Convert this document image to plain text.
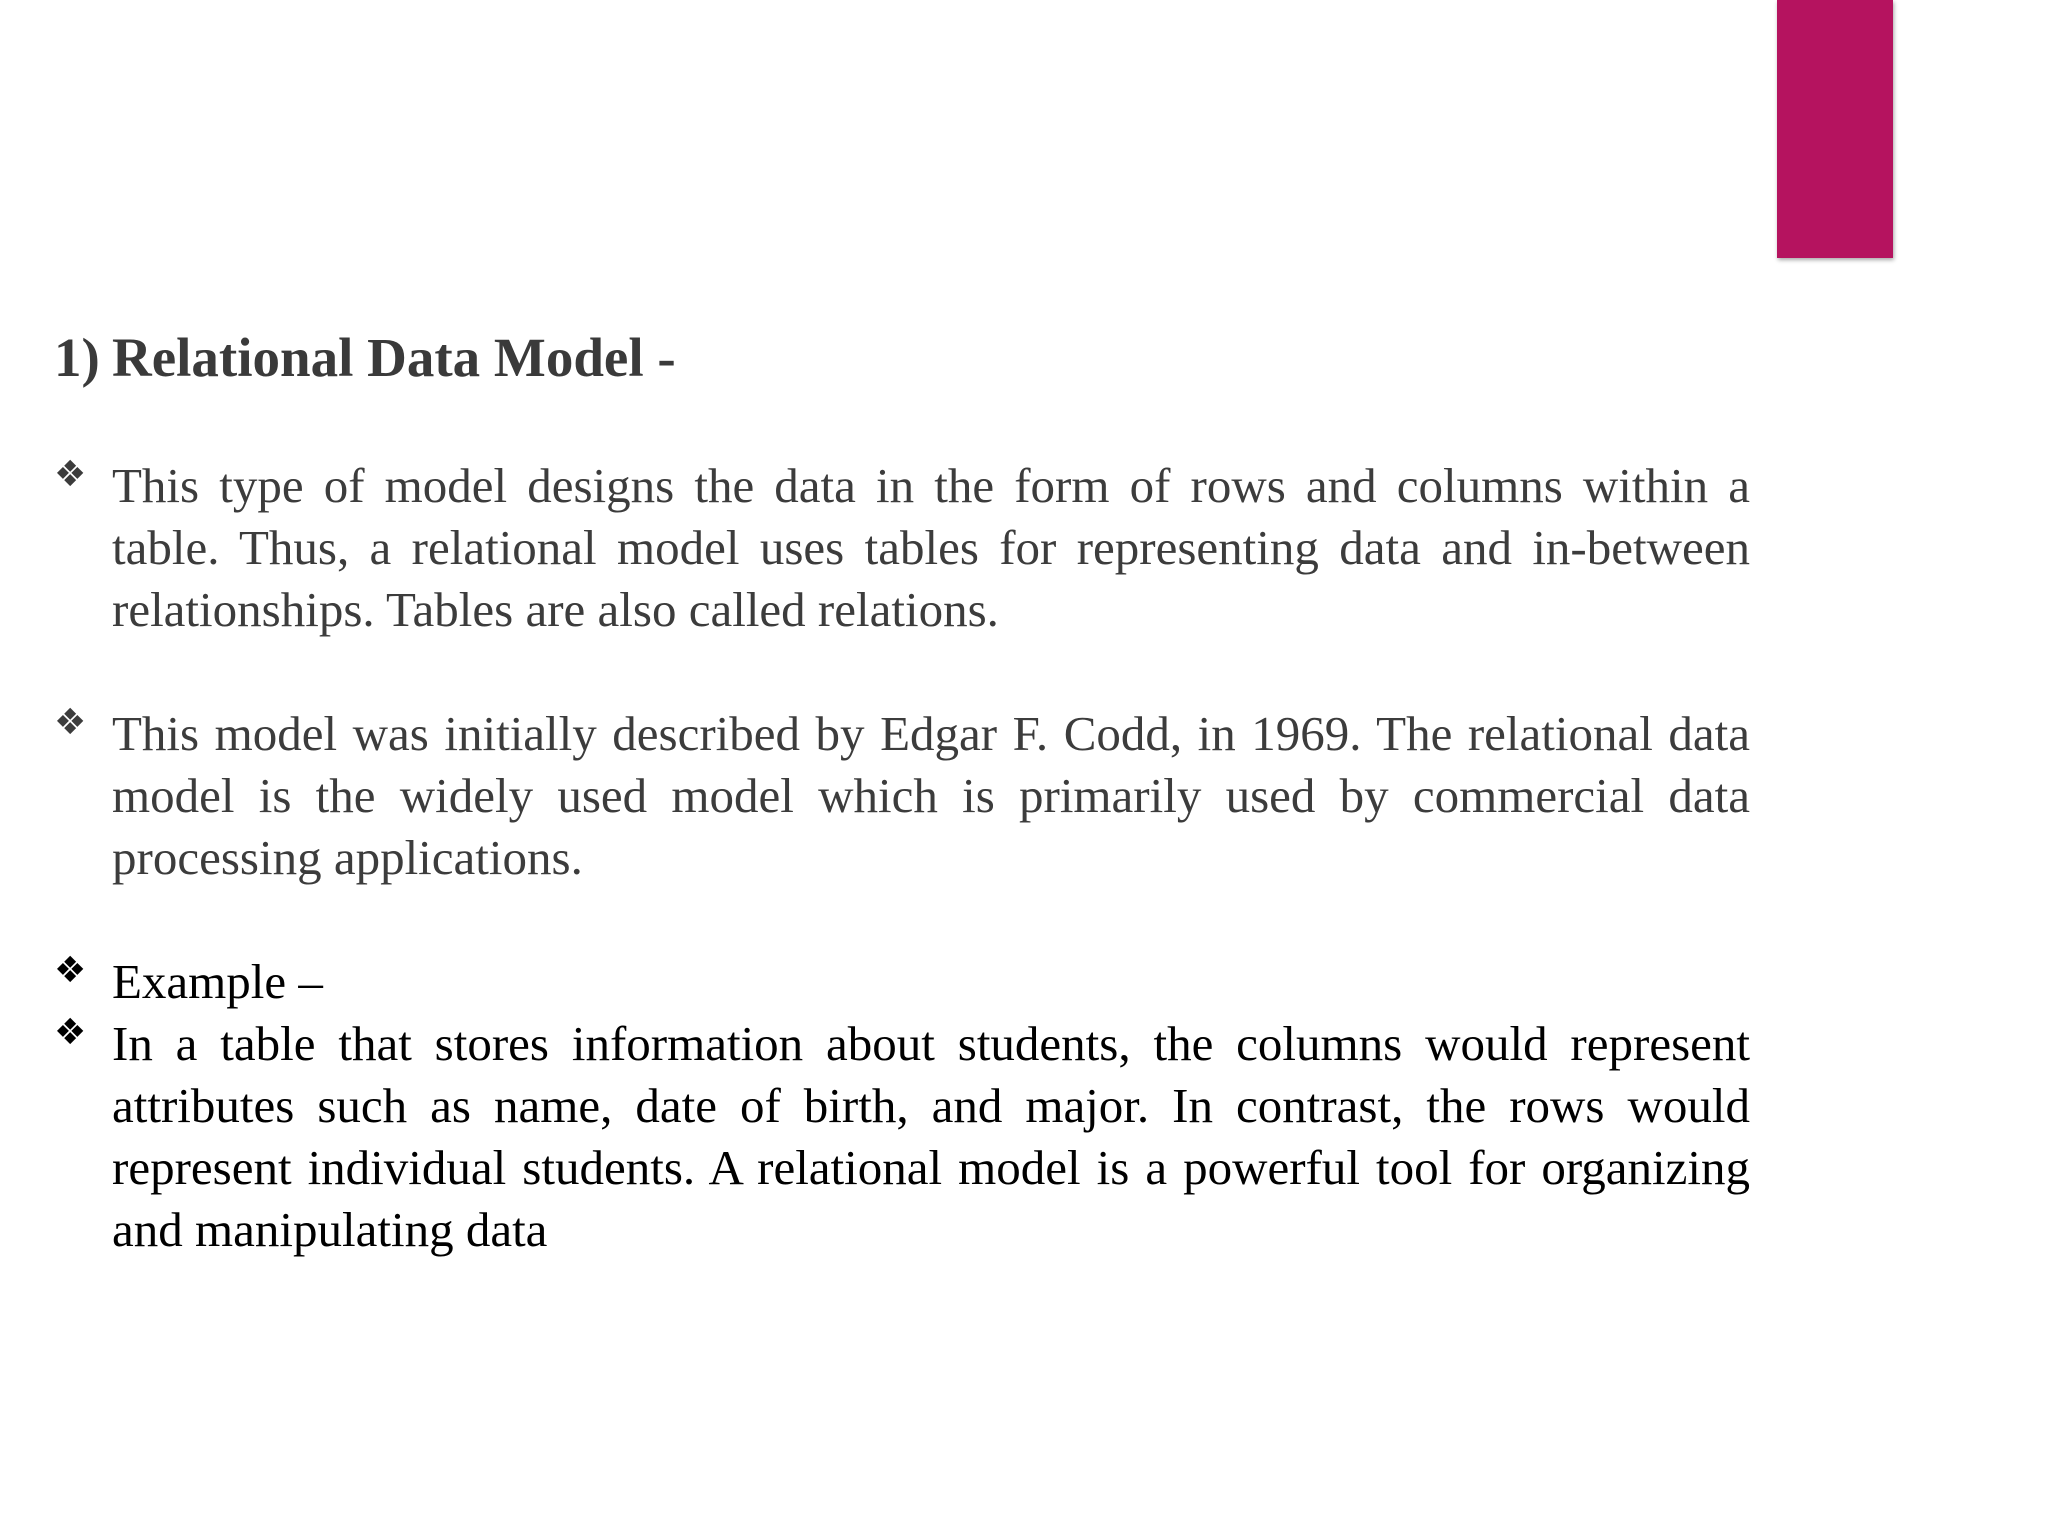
1) Relational Data Model -

❖ This type of model designs the data in the form of rows and columns within a table. Thus, a relational model uses tables for representing data and in-between relationships. Tables are also called relations.

❖ This model was initially described by Edgar F. Codd, in 1969. The relational data model is the widely used model which is primarily used by commercial data processing applications.

❖ Example –

❖ In a table that stores information about students, the columns would represent attributes such as name, date of birth, and major. In contrast, the rows would represent individual students. A relational model is a powerful tool for organizing and manipulating data
